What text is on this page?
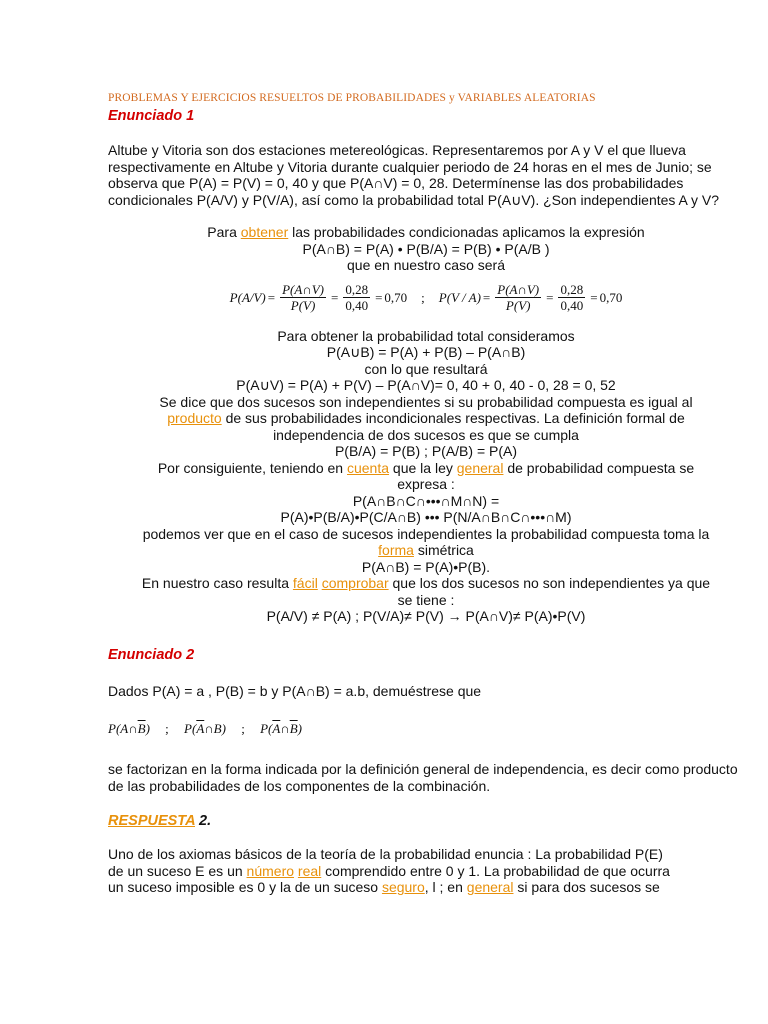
PROBLEMAS Y EJERCICIOS RESUELTOS DE PROBABILIDADES y VARIABLES ALEATORIAS

Enunciado 1

Altube y Vitoria son dos estaciones metereológicas. Representaremos por A y V el que llueva respectivamente en Altube y Vitoria durante cualquier periodo de 24 horas en el mes de Junio; se observa que P(A) = P(V) = 0, 40 y que P(A∩V) = 0, 28. Determínense las dos probabilidades condicionales P(A/V) y P(V/A), así como la probabilidad total P(A∪V). ¿Son independientes A y V?

Para obtener las probabilidades condicionadas aplicamos la expresión

P(A∩B) = P(A) • P(B/A) = P(B) • P(A/B )

que en nuestro caso será

$P(A/V) = \frac{P(A\cap V)}{P(V)} = \frac{0,28}{0,40} = 0,70$ ; $P(V / A) = \frac{P(A\cap V)}{P(V)} = \frac{0,28}{0,40} = 0,70$

Para obtener la probabilidad total consideramos

P(A∪B) = P(A) + P(B) – P(A∩B)

con lo que resultará

P(A∪V) = P(A) + P(V) – P(A∩V)= 0, 40 + 0, 40 - 0, 28 = 0, 52

Se dice que dos sucesos son independientes si su probabilidad compuesta es igual al

producto de sus probabilidades incondicionales respectivas. La definición formal de

independencia de dos sucesos es que se cumpla

P(B/A) = P(B) ; P(A/B) = P(A)

Por consiguiente, teniendo en cuenta que la ley general de probabilidad compuesta se

expresa :

P(A∩B∩C∩•••∩M∩N) =

P(A)•P(B/A)•P(C/A∩B) ••• P(N/A∩B∩C∩•••∩M)

podemos ver que en el caso de sucesos independientes la probabilidad compuesta toma la

forma simétrica

P(A∩B) = P(A)•P(B).

En nuestro caso resulta fácil comprobar que los dos sucesos no son independientes ya que

se tiene :

P(A/V) ≠ P(A) ; P(V/A)≠ P(V) → P(A∩V)≠ P(A)•P(V)

Enunciado 2

Dados P(A) = a , P(B) = b y P(A∩B) = a.b, demuéstrese que

$P(A\cap\overline{B})$ ; $P(\overline{A}\cap B)$ ; $P(\overline{A}\cap\overline{B})$

se factorizan en la forma indicada por la definición general de independencia, es decir como producto de las probabilidades de los componentes de la combinación.

RESPUESTA 2.

Uno de los axiomas básicos de la teoría de la probabilidad enuncia : La probabilidad P(E)

de un suceso E es un número real comprendido entre 0 y 1. La probabilidad de que ocurra

un suceso imposible es 0 y la de un suceso seguro, l ; en general si para dos sucesos se
